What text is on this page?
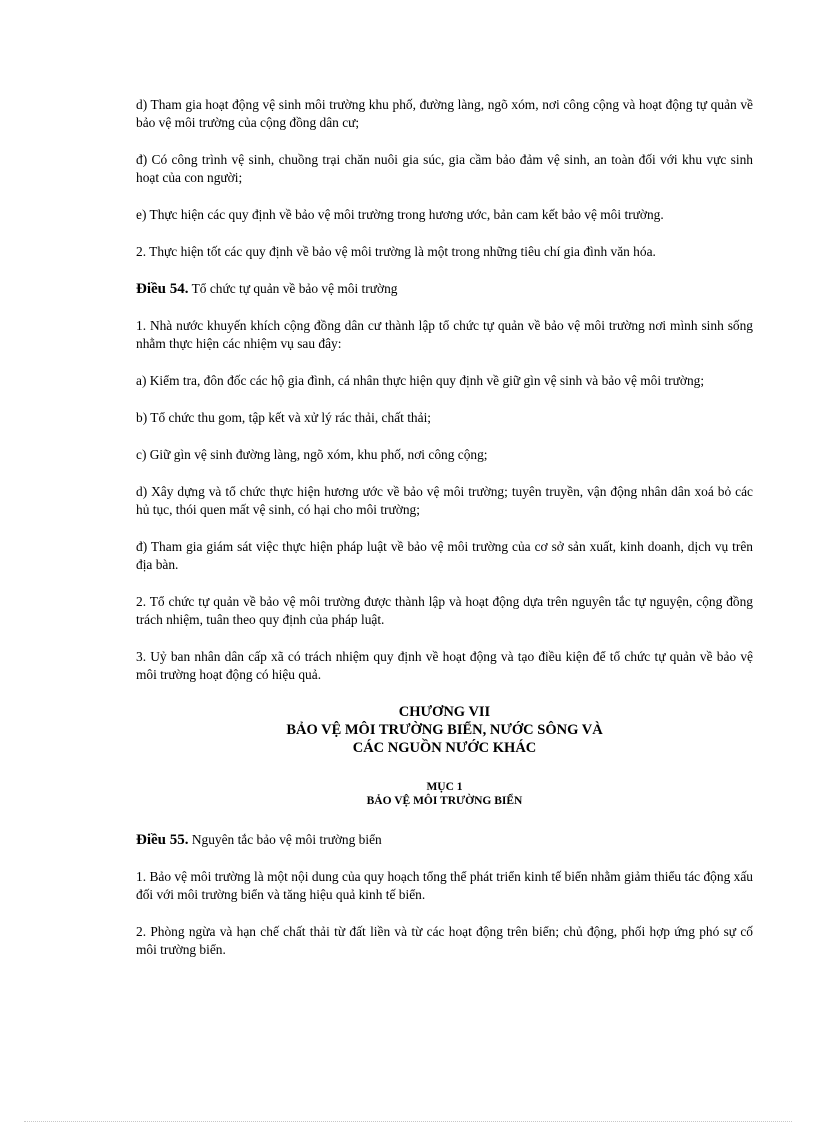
d) Tham gia hoạt động vệ sinh môi trường khu phố, đường làng, ngõ xóm, nơi công cộng và hoạt động tự quản về bảo vệ môi trường của cộng đồng dân cư;

đ) Có công trình vệ sinh, chuồng trại chăn nuôi gia súc, gia cầm bảo đảm vệ sinh, an toàn đối với khu vực sinh hoạt của con người;

e) Thực hiện các quy định về bảo vệ môi trường trong hương ước, bản cam kết bảo vệ môi trường.

2. Thực hiện tốt các quy định về bảo vệ môi trường là một trong những tiêu chí gia đình văn hóa.

Điều 54. Tổ chức tự quản về bảo vệ môi trường

1. Nhà nước khuyến khích cộng đồng dân cư thành lập tổ chức tự quản về bảo vệ môi trường nơi mình sinh sống nhằm thực hiện các nhiệm vụ sau đây:

a) Kiểm tra, đôn đốc các hộ gia đình, cá nhân thực hiện quy định về giữ gìn vệ sinh và bảo vệ môi trường;

b) Tổ chức thu gom, tập kết và xử lý rác thải, chất thải;

c) Giữ gìn vệ sinh đường làng, ngõ xóm, khu phố, nơi công cộng;

d) Xây dựng và tổ chức thực hiện hương ước về bảo vệ môi trường; tuyên truyền, vận động nhân dân xoá bỏ các hủ tục, thói quen mất vệ sinh, có hại cho môi trường;

đ) Tham gia giám sát việc thực hiện pháp luật về bảo vệ môi trường của cơ sở sản xuất, kinh doanh, dịch vụ trên địa bàn.

2. Tổ chức tự quản về bảo vệ môi trường được thành lập và hoạt động dựa trên nguyên tắc tự nguyện, cộng đồng trách nhiệm, tuân theo quy định của pháp luật.

3. Uỷ ban nhân dân cấp xã có trách nhiệm quy định về hoạt động và tạo điều kiện để tổ chức tự quản về bảo vệ môi trường hoạt động có hiệu quả.

CHƯƠNG VII
BẢO VỆ MÔI TRƯỜNG BIỂN, NƯỚC SÔNG VÀ
CÁC NGUỒN NƯỚC KHÁC
MỤC 1
BẢO VỆ MÔI TRƯỜNG BIỂN

Điều 55. Nguyên tắc bảo vệ môi trường biển

1. Bảo vệ môi trường là một nội dung của quy hoạch tổng thể phát triển kinh tế biển nhằm giảm thiểu tác động xấu đối với môi trường biển và tăng hiệu quả kinh tế biển.

2. Phòng ngừa và hạn chế chất thải từ đất liền và từ các hoạt động trên biển; chủ động, phối hợp ứng phó sự cố môi trường biển.
